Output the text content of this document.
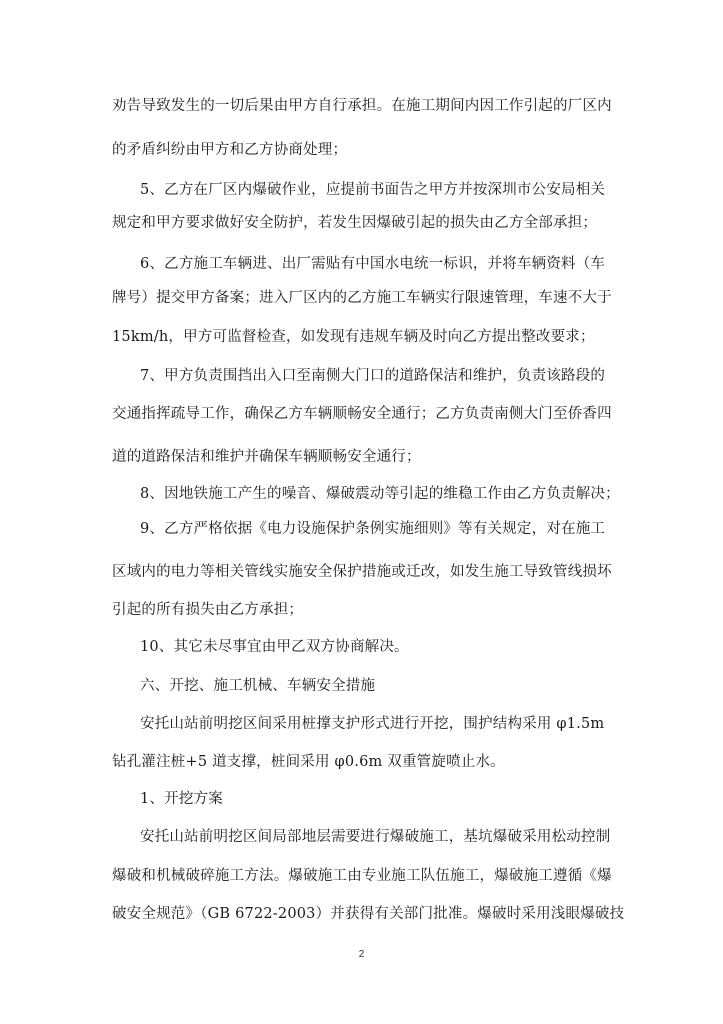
劝告导致发生的一切后果由甲方自行承担。在施工期间内因工作引起的厂区内
的矛盾纠纷由甲方和乙方协商处理；
5、乙方在厂区内爆破作业，应提前书面告之甲方并按深圳市公安局相关
规定和甲方要求做好安全防护，若发生因爆破引起的损失由乙方全部承担；
6、乙方施工车辆进、出厂需贴有中国水电统一标识，并将车辆资料（车
牌号）提交甲方备案；进入厂区内的乙方施工车辆实行限速管理，车速不大于
15km/h，甲方可监督检查，如发现有违规车辆及时向乙方提出整改要求；
7、甲方负责围挡出入口至南侧大门口的道路保洁和维护，负责该路段的
交通指挥疏导工作，确保乙方车辆顺畅安全通行；乙方负责南侧大门至侨香四
道的道路保洁和维护并确保车辆顺畅安全通行；
8、因地铁施工产生的噪音、爆破震动等引起的维稳工作由乙方负责解决；
9、乙方严格依据《电力设施保护条例实施细则》等有关规定，对在施工
区域内的电力等相关管线实施安全保护措施或迁改，如发生施工导致管线损坏
引起的所有损失由乙方承担；
10、其它未尽事宜由甲乙双方协商解决。
六、开挖、施工机械、车辆安全措施
安托山站前明挖区间采用桩撑支护形式进行开挖，围护结构采用 φ1.5m
钻孔灌注桩+5 道支撑，桩间采用 φ0.6m 双重管旋喷止水。
1、开挖方案
安托山站前明挖区间局部地层需要进行爆破施工，基坑爆破采用松动控制
爆破和机械破碎施工方法。爆破施工由专业施工队伍施工，爆破施工遵循《爆
破安全规范》（GB 6722-2003）并获得有关部门批准。爆破时采用浅眼爆破技
2
